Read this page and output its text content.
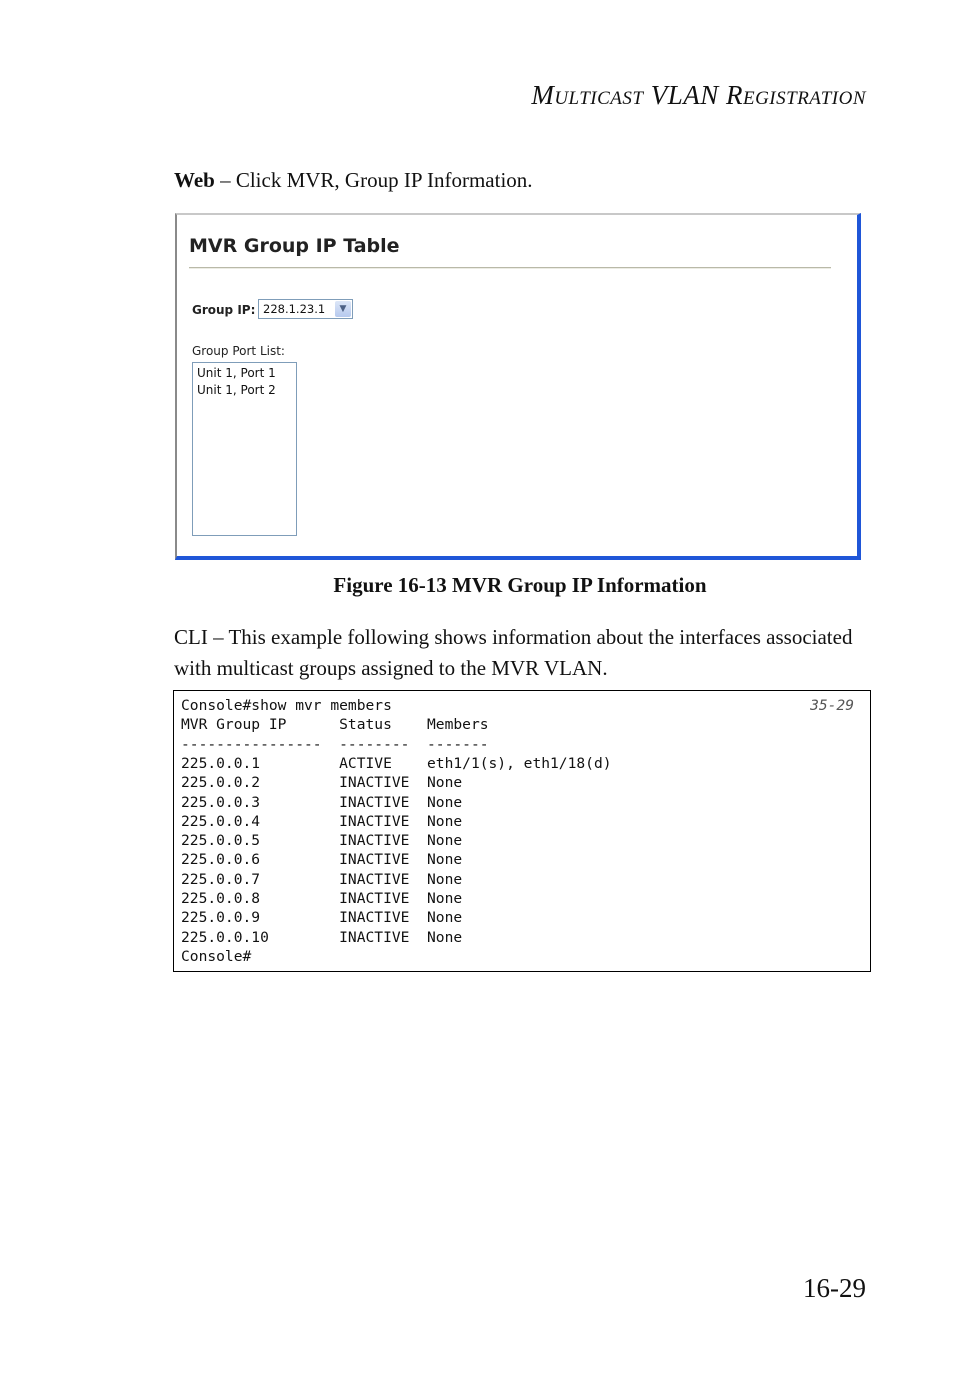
Multicast VLAN Registration
Web – Click MVR, Group IP Information.
MVR Group IP Table
Group IP: 228.1.23.1	▼
Group Port List:
Unit 1, Port 1
Unit 1, Port 2
Figure 16-13 MVR Group IP Information
CLI – This example following shows information about the interfaces associated with multicast groups assigned to the MVR VLAN.
35-29
Console#show mvr members
MVR Group IP      Status    Members
----------------  --------  -------
225.0.0.1         ACTIVE    eth1/1(s), eth1/18(d)
225.0.0.2         INACTIVE  None
225.0.0.3         INACTIVE  None
225.0.0.4         INACTIVE  None
225.0.0.5         INACTIVE  None
225.0.0.6         INACTIVE  None
225.0.0.7         INACTIVE  None
225.0.0.8         INACTIVE  None
225.0.0.9         INACTIVE  None
225.0.0.10        INACTIVE  None
Console#
16-29
